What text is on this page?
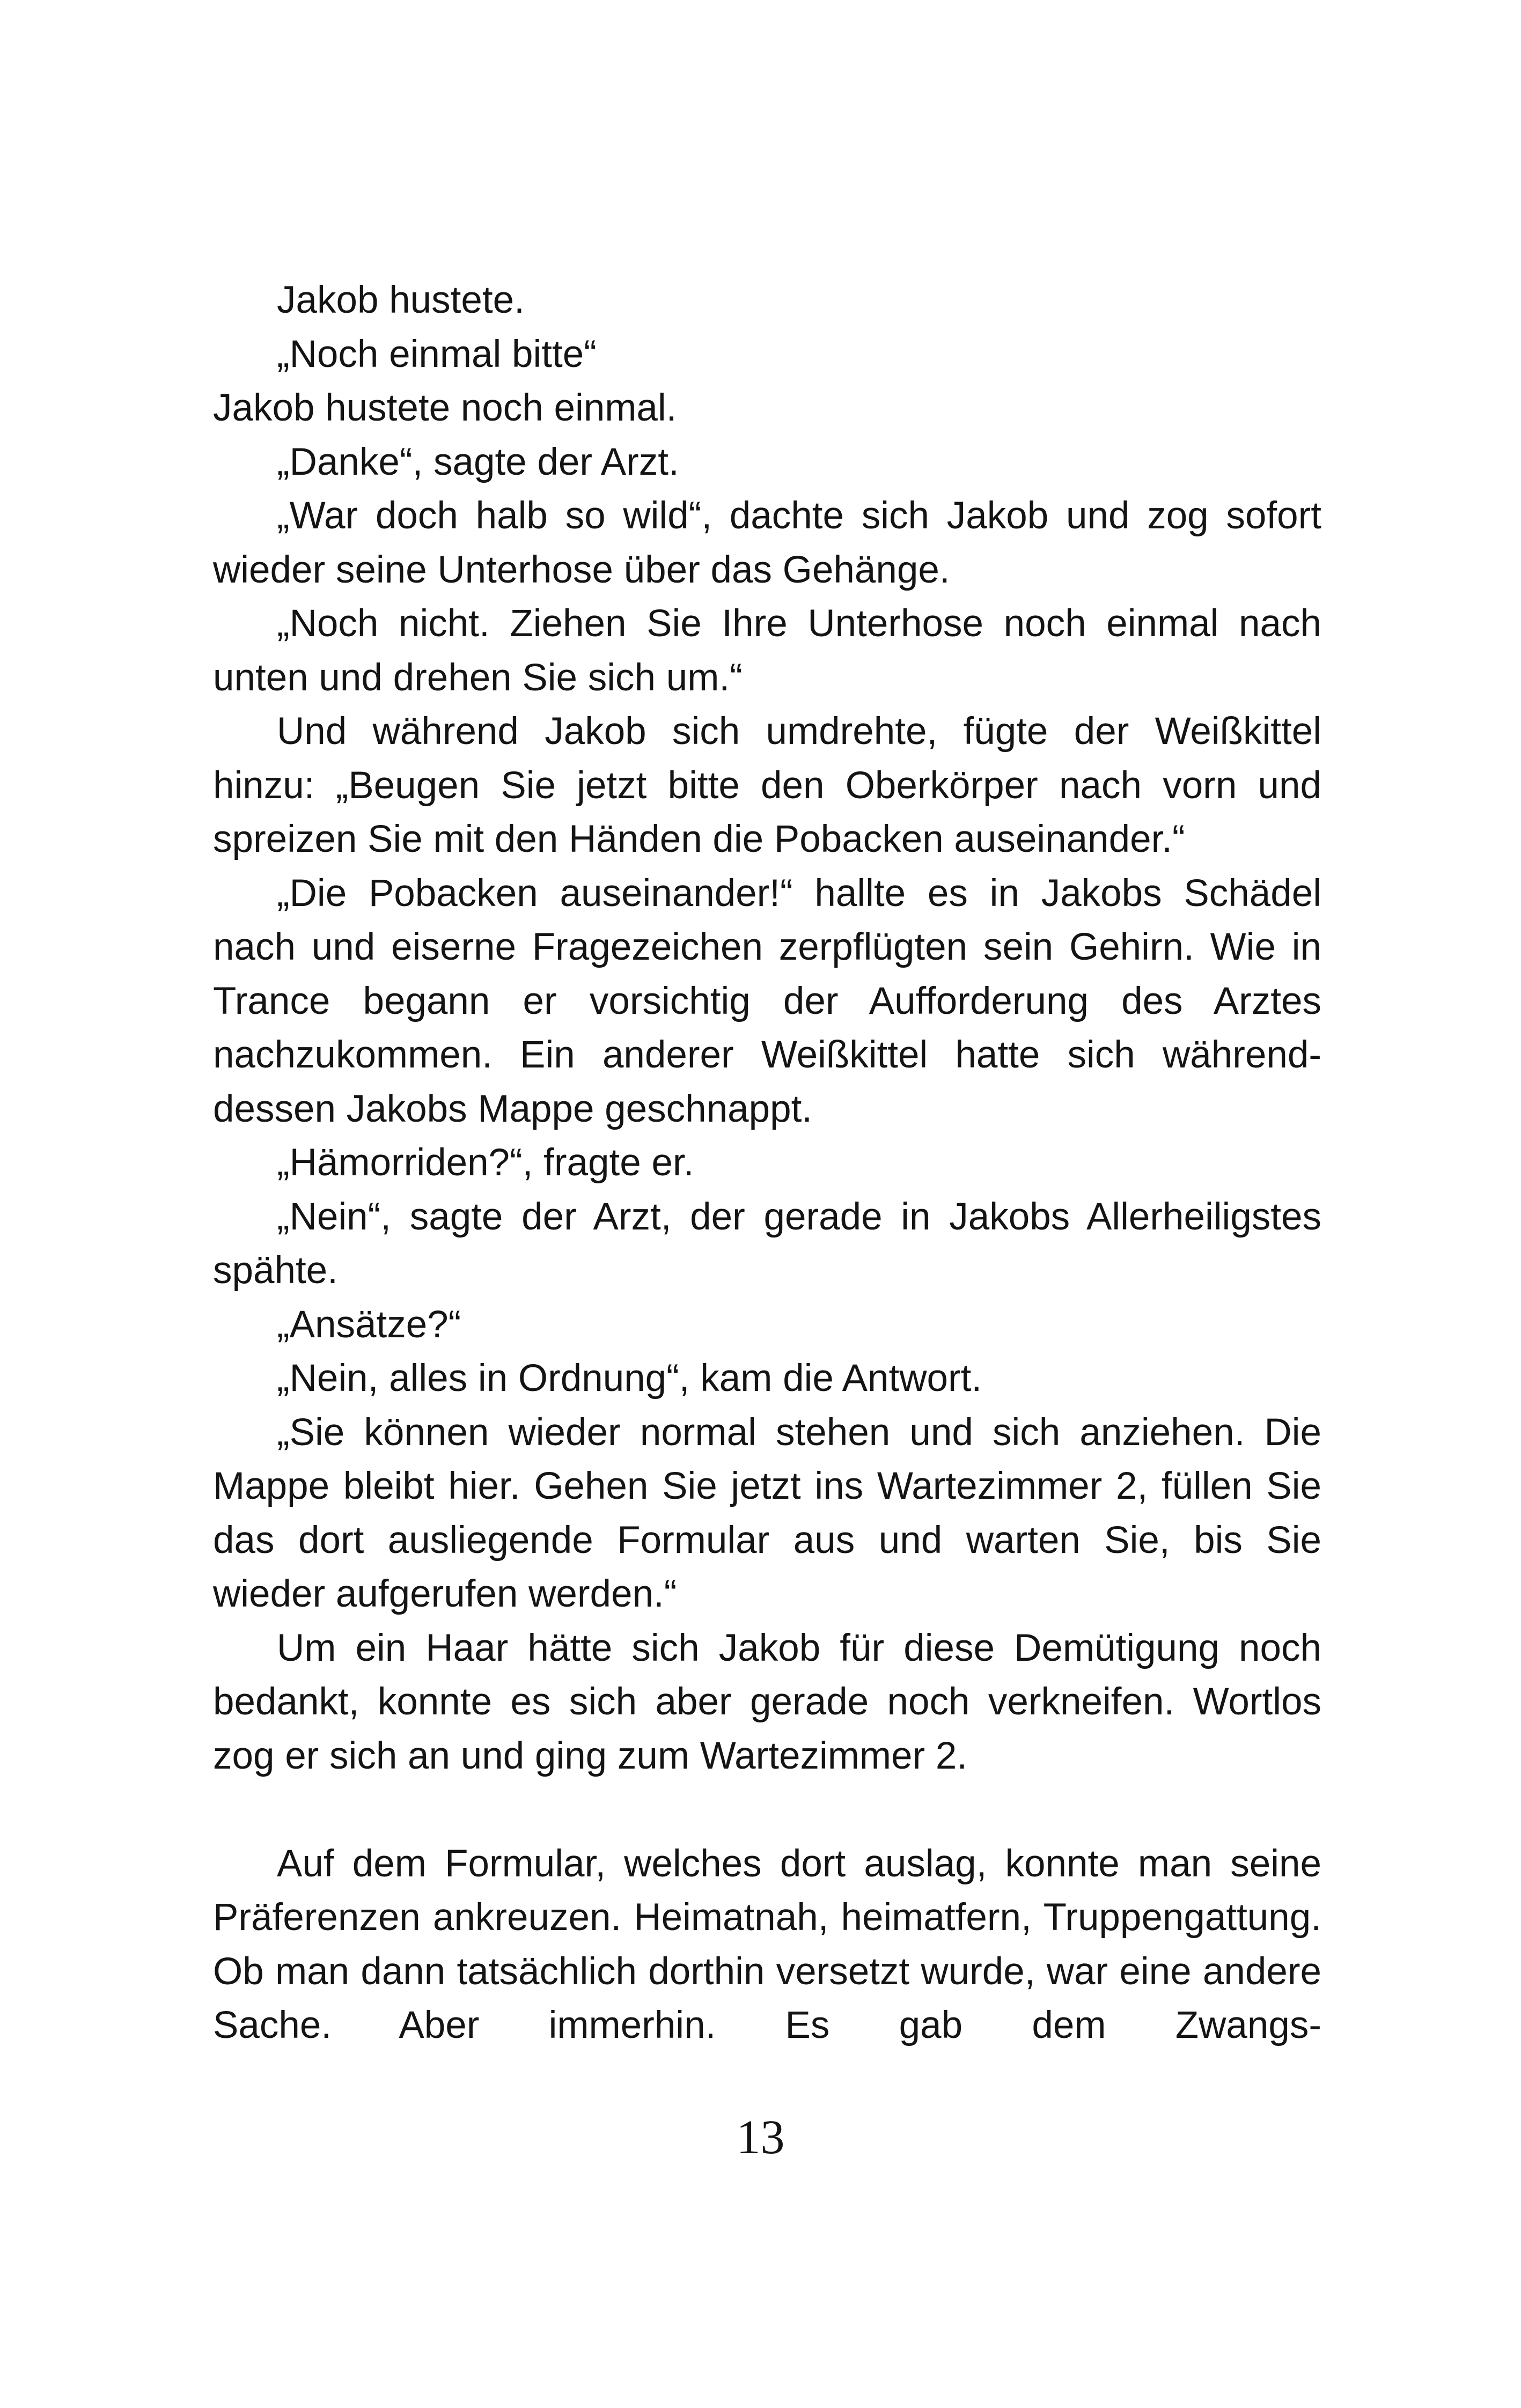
Jakob hustete.

„Noch einmal bitte“

Jakob hustete noch einmal.

„Danke“, sagte der Arzt.

„War doch halb so wild“, dachte sich Jakob und zog sofort wieder seine Unterhose über das Gehänge.

„Noch nicht. Ziehen Sie Ihre Unterhose noch einmal nach unten und drehen Sie sich um.“

Und während Jakob sich umdrehte, fügte der Weißkittel hinzu: „Beugen Sie jetzt bitte den Oberkörper nach vorn und spreizen Sie mit den Händen die Pobacken auseinander.“

„Die Pobacken auseinander!“ hallte es in Jakobs Schädel nach und eiserne Fragezeichen zerpflügten sein Gehirn. Wie in Trance begann er vorsichtig der Aufforderung des Arztes nachzukommen. Ein anderer Weißkittel hatte sich währenddessen Jakobs Mappe geschnappt.

„Hämorriden?“, fragte er.

„Nein“, sagte der Arzt, der gerade in Jakobs Allerheiligstes spähte.

„Ansätze?“

„Nein, alles in Ordnung“, kam die Antwort.

„Sie können wieder normal stehen und sich anziehen. Die Mappe bleibt hier. Gehen Sie jetzt ins Wartezimmer 2, füllen Sie das dort ausliegende Formular aus und warten Sie, bis Sie wieder aufgerufen werden.“

Um ein Haar hätte sich Jakob für diese Demütigung noch bedankt, konnte es sich aber gerade noch verkneifen. Wortlos zog er sich an und ging zum Wartezimmer 2.

Auf dem Formular, welches dort auslag, konnte man seine Präferenzen ankreuzen. Heimatnah, heimatfern, Truppengattung. Ob man dann tatsächlich dorthin versetzt wurde, war eine andere Sache. Aber immerhin. Es gab dem Zwangs-

13
